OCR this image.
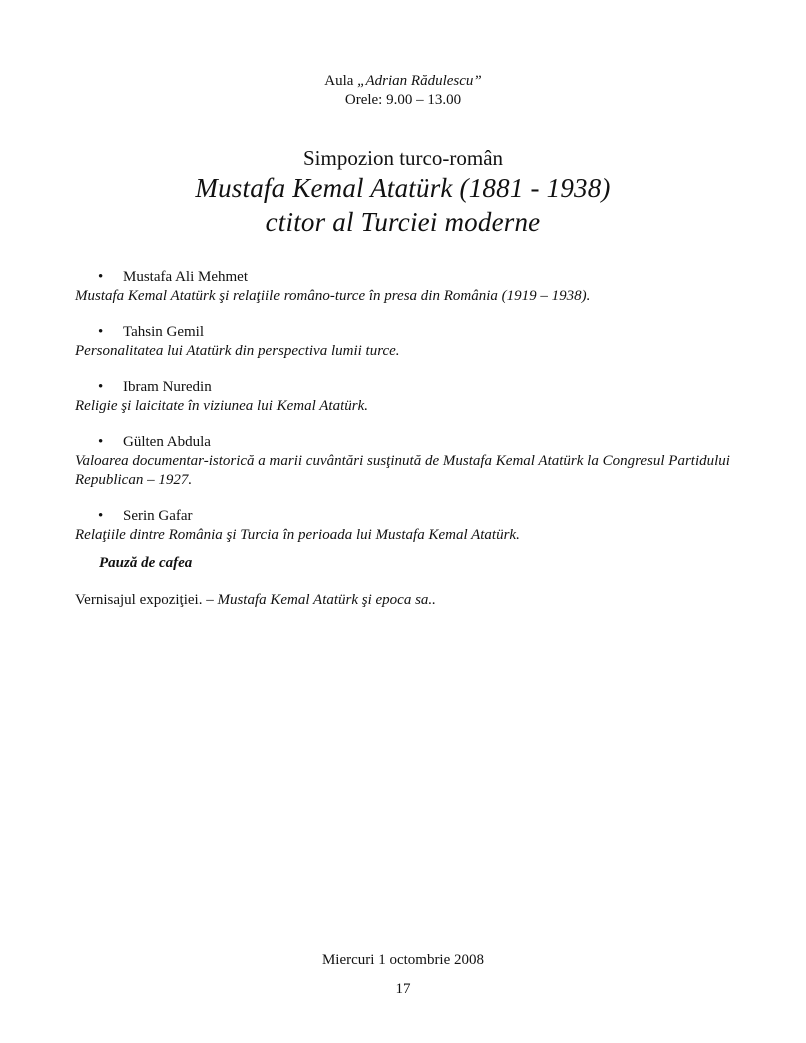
Aula „Adrian Rădulescu”
Orele: 9.00 – 13.00
Simpozion turco-român
Mustafa Kemal Atatürk (1881 - 1938)
ctitor al Turciei moderne
• Mustafa Ali Mehmet
Mustafa Kemal Atatürk şi relaţiile româno-turce în presa din România (1919 – 1938).
• Tahsin Gemil
Personalitatea lui Atatürk din perspectiva lumii turce.
• Ibram Nuredin
Religie şi laicitate în viziunea lui Kemal Atatürk.
• Gülten Abdula
Valoarea documentar-istorică a marii cuvântări susţinută de Mustafa Kemal Atatürk la Congresul Partidului Republican – 1927.
• Serin Gafar
Relaţiile dintre România şi Turcia în perioada lui Mustafa Kemal Atatürk.
Pauză de cafea
Vernisajul expoziţiei. – Mustafa Kemal Atatürk şi epoca sa..
Miercuri 1 octombrie 2008
17
